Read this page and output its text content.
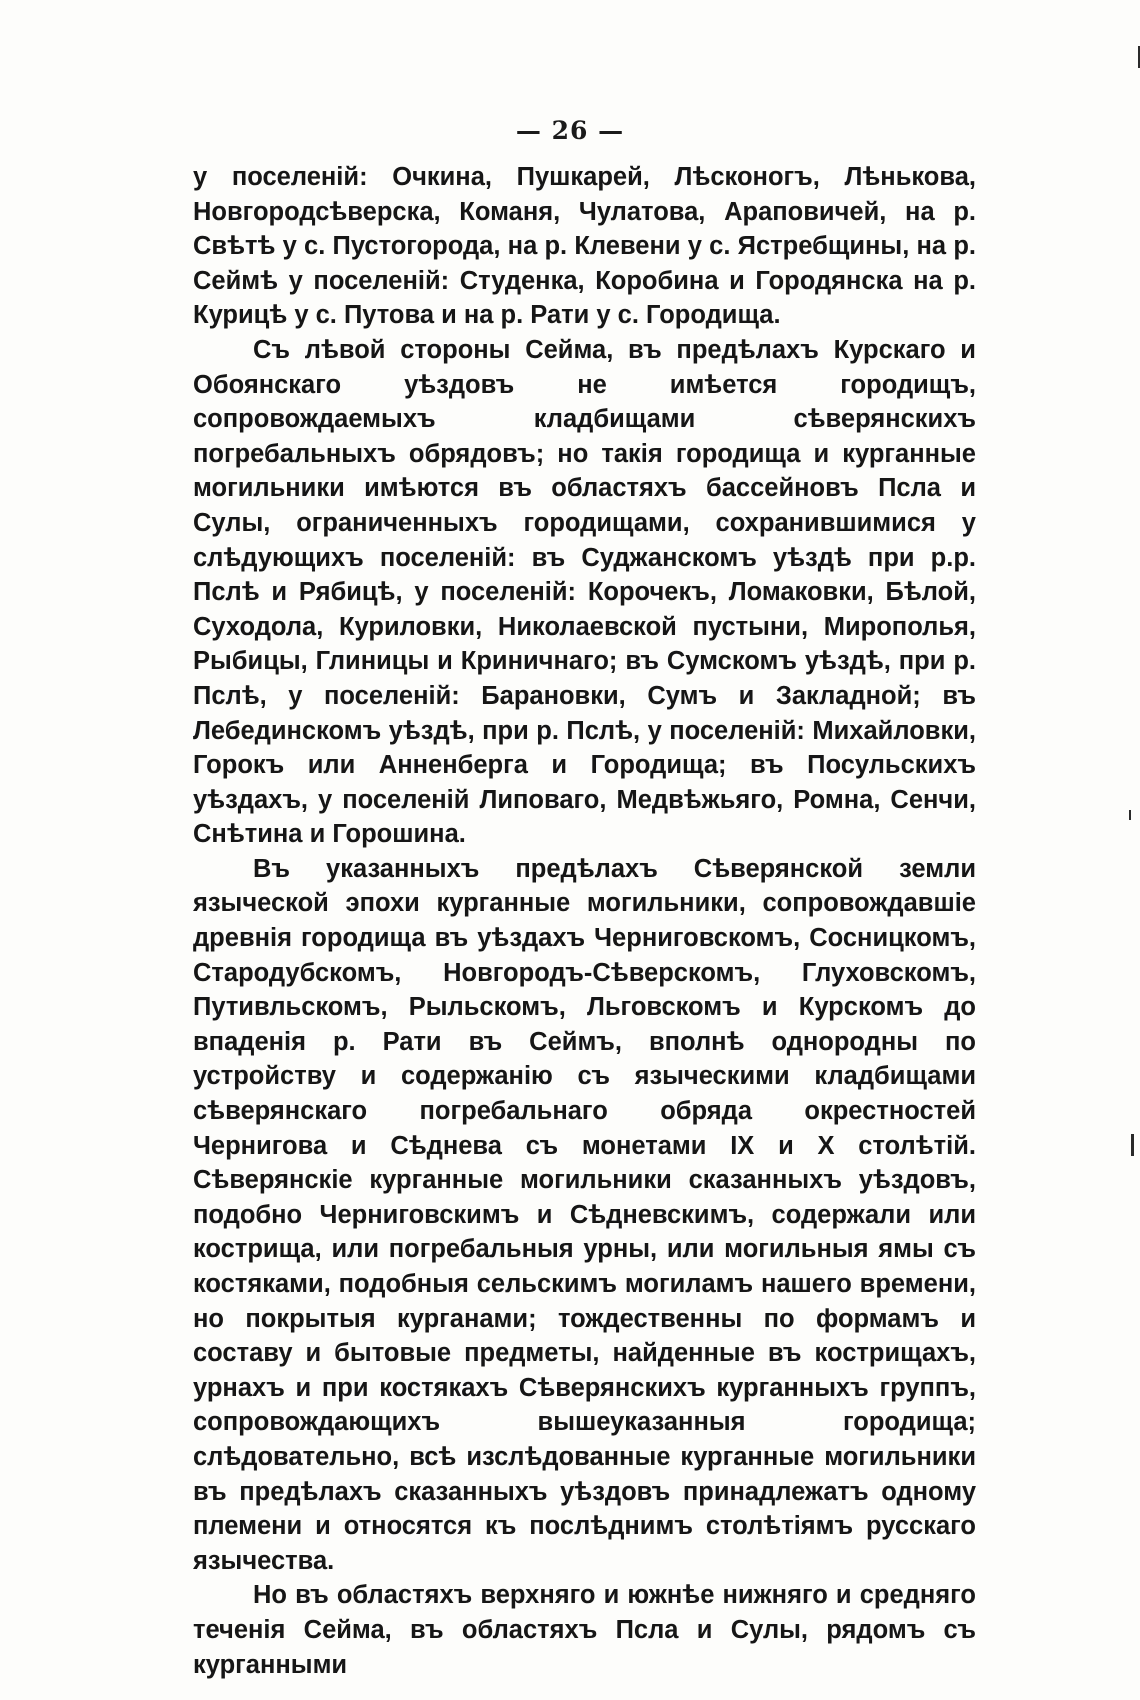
— 26 —

у поселеній: Очкина, Пушкарей, Лѣсконогъ, Лѣнькова, Новгородсѣверска, Команя, Чулатова, Араповичей, на р. Свѣтѣ у с. Пустогорода, на р. Клевени у с. Ястребщины, на р. Сеймѣ у поселеній: Студенка, Коробина и Городянска на р. Курицѣ у с. Путова и на р. Рати у с. Городища.

Съ лѣвой стороны Сейма, въ предѣлахъ Курскаго и Обоянскаго уѣздовъ не имѣется городищъ, сопровождаемыхъ кладбищами сѣверянскихъ погребальныхъ обрядовъ; но такія городища и курганные могильники имѣются въ областяхъ бассейновъ Псла и Сулы, ограниченныхъ городищами, сохранившимися у слѣдующихъ поселеній: въ Суджанскомъ уѣздѣ при р.р. Пслѣ и Рябицѣ, у поселеній: Корочекъ, Ломаковки, Бѣлой, Суходола, Куриловки, Николаевской пустыни, Мирополья, Рыбицы, Глиницы и Криничнаго; въ Сумскомъ уѣздѣ, при р. Пслѣ, у поселеній: Барановки, Сумъ и Закладной; въ Лебединскомъ уѣздѣ, при р. Пслѣ, у поселеній: Михайловки, Горокъ или Анненберга и Городища; въ Посульскихъ уѣздахъ, у поселеній Липоваго, Медвѣжьяго, Ромна, Сенчи, Снѣтина и Горошина.

Въ указанныхъ предѣлахъ Сѣверянской земли языческой эпохи курганные могильники, сопровождавшіе древнія городища въ уѣздахъ Черниговскомъ, Сосницкомъ, Стародубскомъ, Новгородъ-Сѣверскомъ, Глуховскомъ, Путивльскомъ, Рыльскомъ, Льговскомъ и Курскомъ до впаденія р. Рати въ Сеймъ, вполнѣ однородны по устройству и содержанію съ языческими кладбищами сѣверянскаго погребальнаго обряда окрестностей Чернигова и Сѣднева съ монетами IX и X столѣтій. Сѣверянскіе курганные могильники сказанныхъ уѣздовъ, подобно Черниговскимъ и Сѣдневскимъ, содержали или кострища, или погребальныя урны, или могильныя ямы съ костяками, подобныя сельскимъ могиламъ нашего времени, но покрытыя курганами; тождественны по формамъ и составу и бытовые предметы, найденные въ кострищахъ, урнахъ и при костякахъ Сѣверянскихъ курганныхъ группъ, сопровождающихъ вышеуказанныя городища; слѣдовательно, всѣ изслѣдованные курганные могильники въ предѣлахъ сказанныхъ уѣздовъ принадлежатъ одному племени и относятся къ послѣднимъ столѣтіямъ русскаго язычества.

Но въ областяхъ верхняго и южнѣе нижняго и средняго теченія Сейма, въ областяхъ Псла и Сулы, рядомъ съ курганными
